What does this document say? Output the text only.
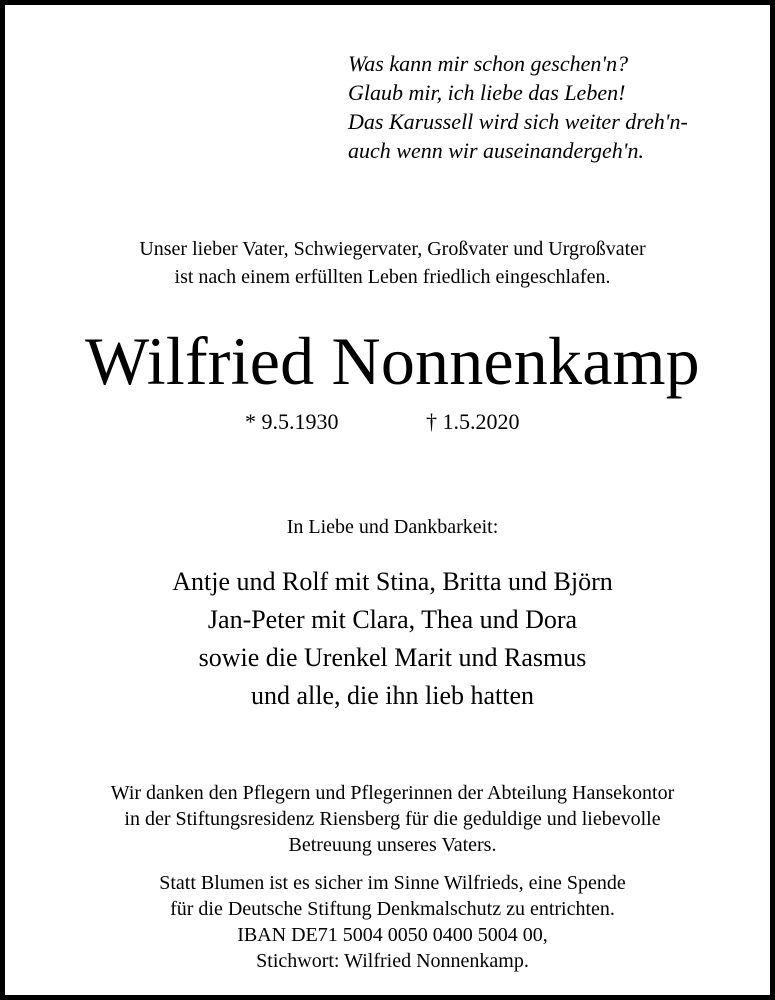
Was kann mir schon geschen'n?
Glaub mir, ich liebe das Leben!
Das Karussell wird sich weiter dreh'n-
auch wenn wir auseinandergeh'n.
Unser lieber Vater, Schwiegervater, Großvater und Urgroßvater
ist nach einem erfüllten Leben friedlich eingeschlafen.
Wilfried Nonnenkamp
* 9.5.1930	† 1.5.2020
In Liebe und Dankbarkeit:
Antje und Rolf mit Stina, Britta und Björn
Jan-Peter mit Clara, Thea und Dora
sowie die Urenkel Marit und Rasmus
und alle, die ihn lieb hatten
Wir danken den Pflegern und Pflegerinnen der Abteilung Hansekontor
in der Stiftungsresidenz Riensberg für die geduldige und liebevolle
Betreuung unseres Vaters.
Statt Blumen ist es sicher im Sinne Wilfrieds, eine Spende
für die Deutsche Stiftung Denkmalschutz zu entrichten.
IBAN DE71 5004 0050 0400 5004 00,
Stichwort: Wilfried Nonnenkamp.
